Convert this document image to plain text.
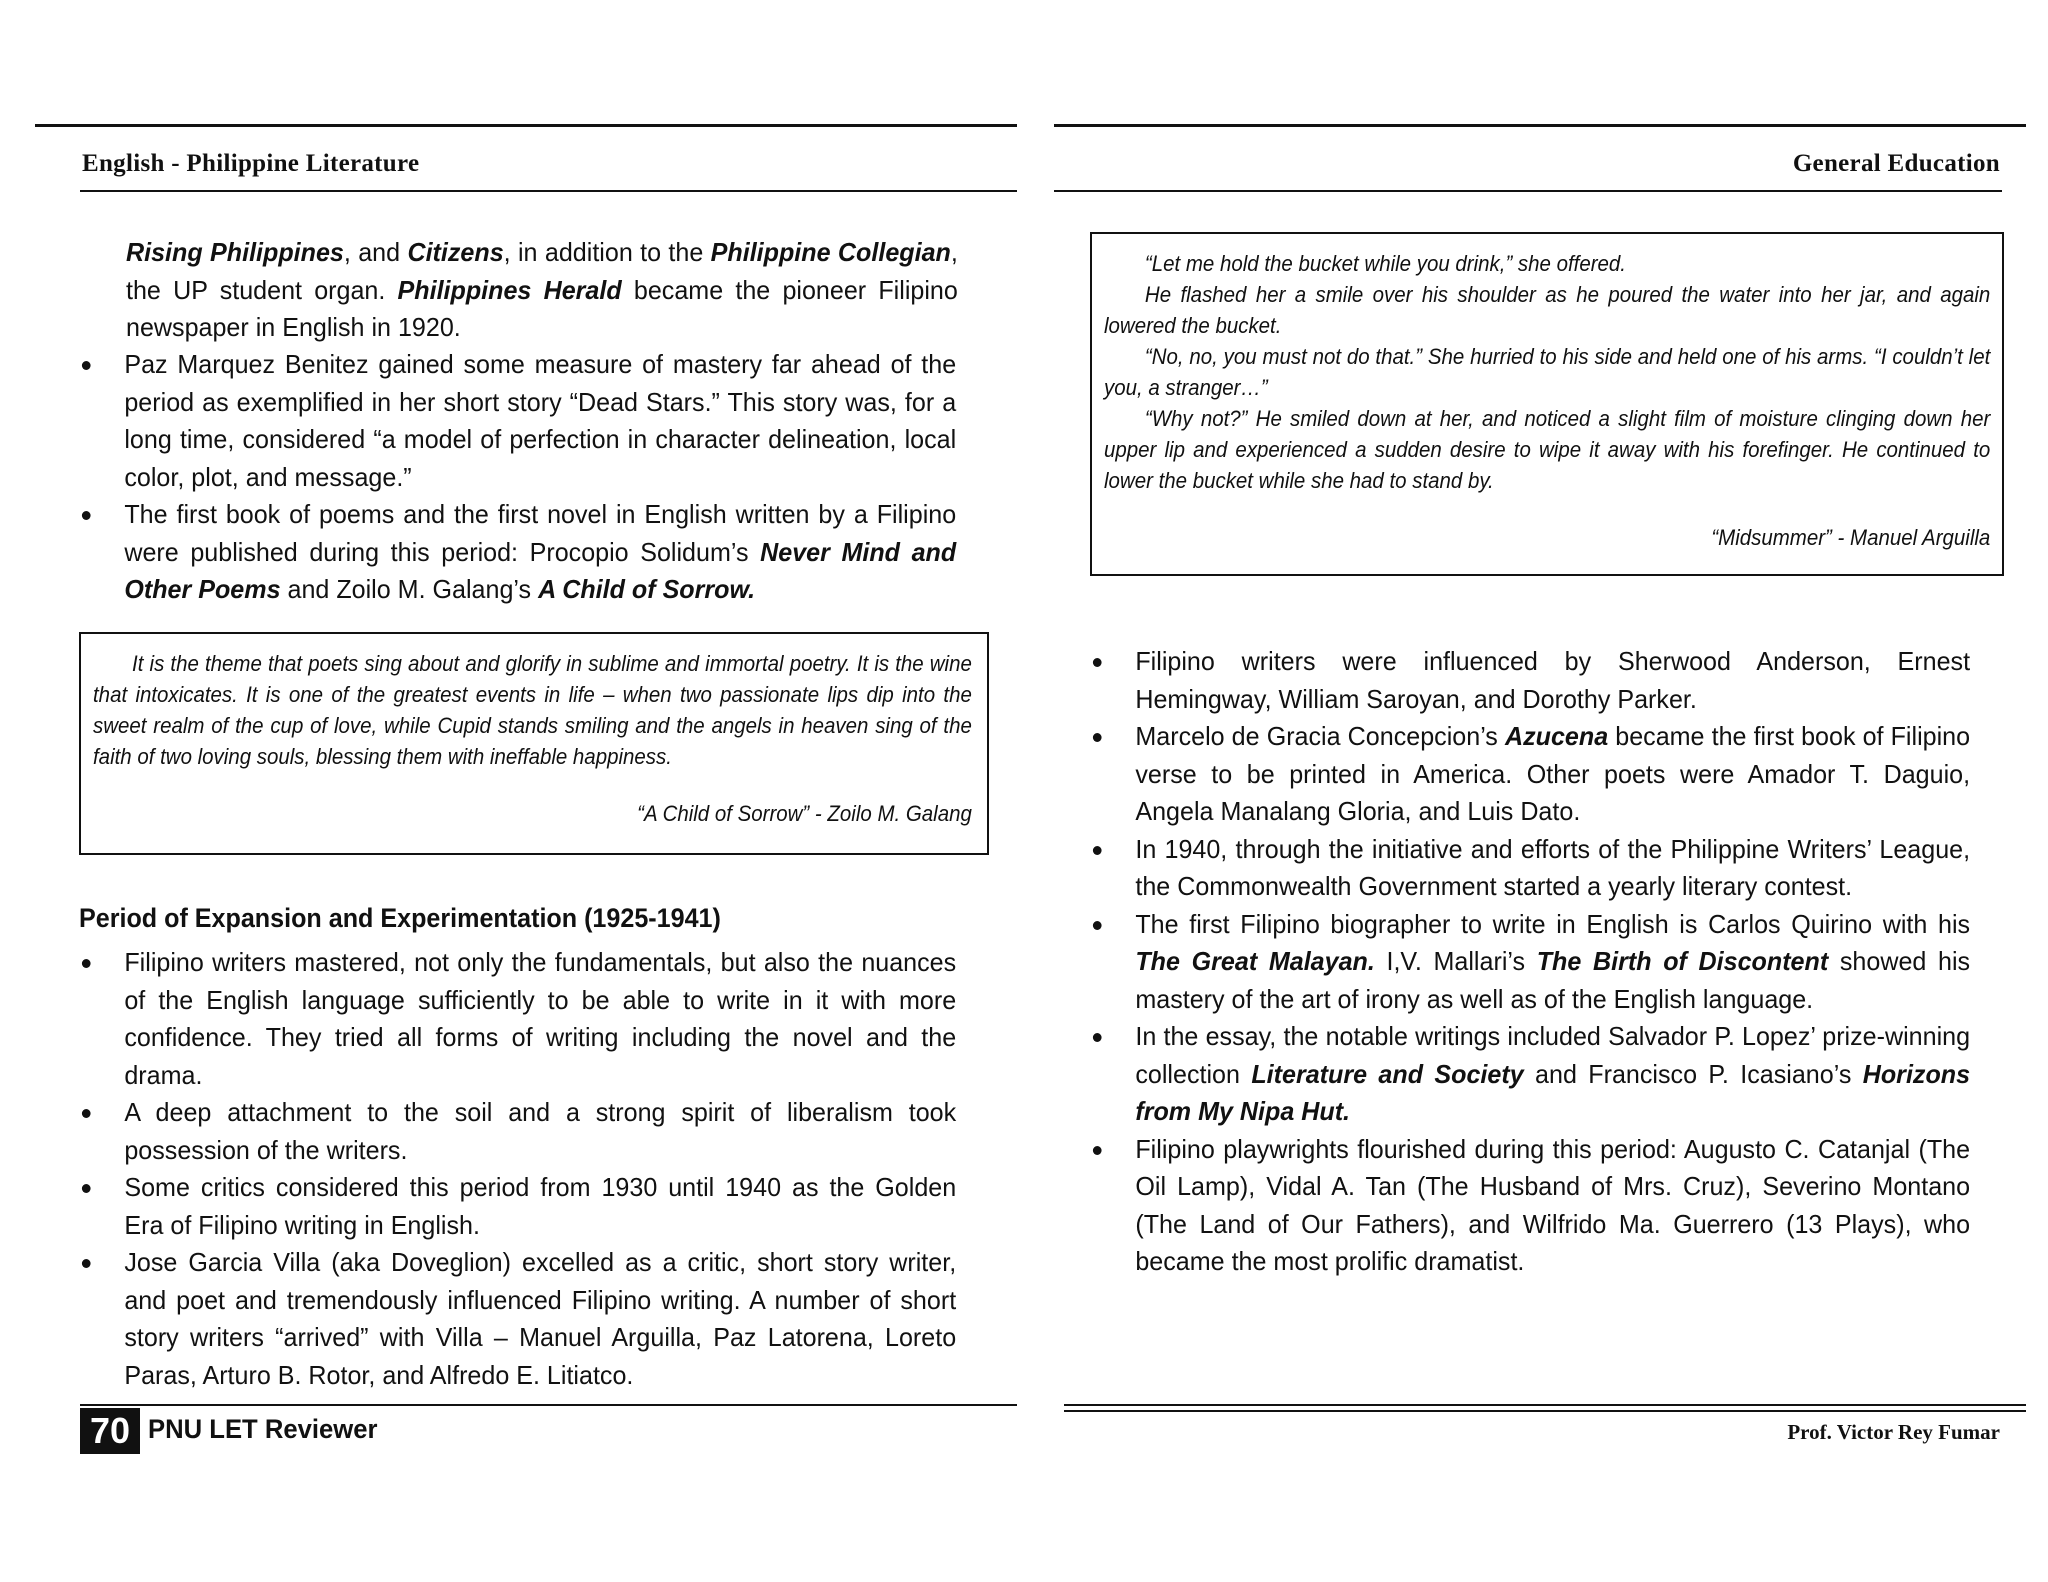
English - Philippine Literature

Rising Philippines, and Citizens, in addition to the Philippine Collegian, the UP student organ. Philippines Herald became the pioneer Filipino newspaper in English in 1920.

Paz Marquez Benitez gained some measure of mastery far ahead of the period as exemplified in her short story “Dead Stars.” This story was, for a long time, considered “a model of perfection in character delineation, local color, plot, and message.”
The first book of poems and the first novel in English written by a Filipino were published during this period: Procopio Solidum’s Never Mind and Other Poems and Zoilo M. Galang’s A Child of Sorrow.

It is the theme that poets sing about and glorify in sublime and immortal poetry. It is the wine that intoxicates. It is one of the greatest events in life – when two passionate lips dip into the sweet realm of the cup of love, while Cupid stands smiling and the angels in heaven sing of the faith of two loving souls, blessing them with ineffable happiness.

“A Child of Sorrow” - Zoilo M. Galang

Period of Expansion and Experimentation (1925-1941)
Filipino writers mastered, not only the fundamentals, but also the nuances of the English language sufficiently to be able to write in it with more confidence. They tried all forms of writing including the novel and the drama.
A deep attachment to the soil and a strong spirit of liberalism took possession of the writers.
Some critics considered this period from 1930 until 1940 as the Golden Era of Filipino writing in English.
Jose Garcia Villa (aka Doveglion) excelled as a critic, short story writer, and poet and tremendously influenced Filipino writing. A number of short story writers “arrived” with Villa – Manuel Arguilla, Paz Latorena, Loreto Paras, Arturo B. Rotor, and Alfredo E. Litiatco.
70 PNU LET Reviewer
General Education

“Let me hold the bucket while you drink,” she offered.

He flashed her a smile over his shoulder as he poured the water into her jar, and again lowered the bucket.

“No, no, you must not do that.” She hurried to his side and held one of his arms. “I couldn’t let you, a stranger…”

“Why not?” He smiled down at her, and noticed a slight film of moisture clinging down her upper lip and experienced a sudden desire to wipe it away with his forefinger. He continued to lower the bucket while she had to stand by.

“Midsummer” - Manuel Arguilla

Filipino writers were influenced by Sherwood Anderson, Ernest Hemingway, William Saroyan, and Dorothy Parker.
Marcelo de Gracia Concepcion’s Azucena became the first book of Filipino verse to be printed in America. Other poets were Amador T. Daguio, Angela Manalang Gloria, and Luis Dato.
In 1940, through the initiative and efforts of the Philippine Writers’ League, the Commonwealth Government started a yearly literary contest.
The first Filipino biographer to write in English is Carlos Quirino with his The Great Malayan. I,V. Mallari’s The Birth of Discontent showed his mastery of the art of irony as well as of the English language.
In the essay, the notable writings included Salvador P. Lopez’ prize-winning collection Literature and Society and Francisco P. Icasiano’s Horizons from My Nipa Hut.
Filipino playwrights flourished during this period: Augusto C. Catanjal (The Oil Lamp), Vidal A. Tan (The Husband of Mrs. Cruz), Severino Montano (The Land of Our Fathers), and Wilfrido Ma. Guerrero (13 Plays), who became the most prolific dramatist.
Prof. Victor Rey Fumar
